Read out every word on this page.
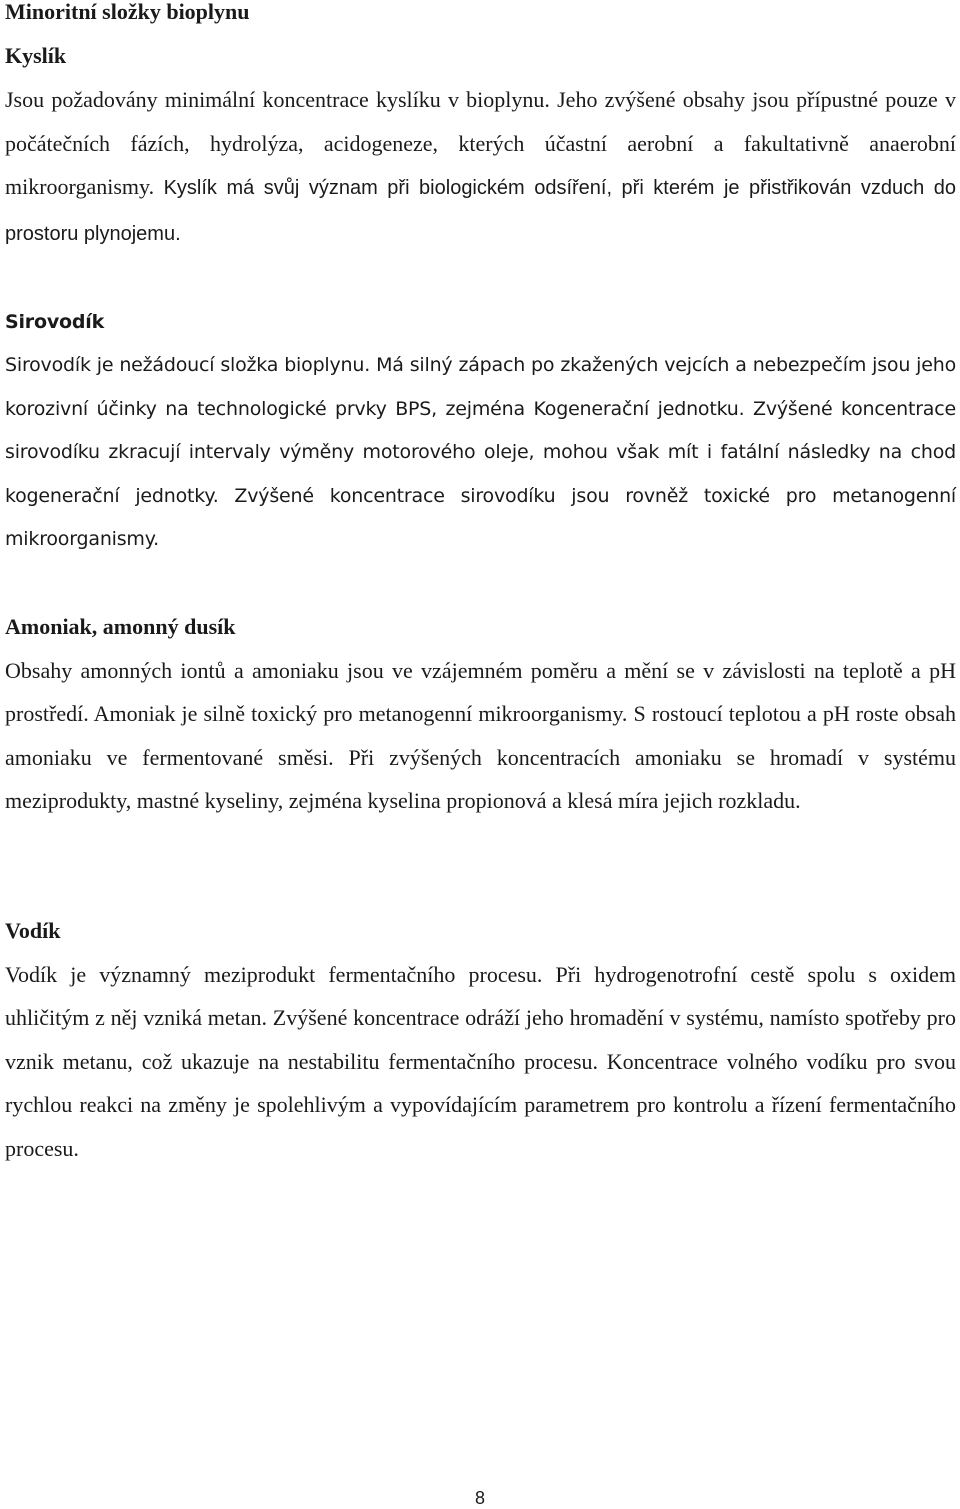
Minoritní složky bioplynu
Kyslík

Jsou požadovány minimální koncentrace kyslíku v bioplynu. Jeho zvýšené obsahy jsou přípustné pouze v počátečních fázích, hydrolýza, acidogeneze, kterých účastní aerobní a fakultativně anaerobní mikroorganismy. Kyslík má svůj význam při biologickém odsíření, při kterém je přistřikován vzduch do prostoru plynojemu.

Sirovodík

Sirovodík je nežádoucí složka bioplynu. Má silný zápach po zkažených vejcích a nebezpečím jsou jeho korozivní účinky na technologické prvky BPS, zejména Kogenerační jednotku. Zvýšené koncentrace sirovodíku zkracují intervaly výměny motorového oleje, mohou však mít i fatální následky na chod kogenerační jednotky. Zvýšené koncentrace sirovodíku jsou rovněž toxické pro metanogenní mikroorganismy.

Amoniak, amonný dusík

Obsahy amonných iontů a amoniaku jsou ve vzájemném poměru a mění se v závislosti na teplotě a pH prostředí. Amoniak je silně toxický pro metanogenní mikroorganismy. S rostoucí teplotou a pH roste obsah amoniaku ve fermentované směsi. Při zvýšených koncentracích amoniaku se hromadí v systému meziprodukty, mastné kyseliny, zejména kyselina propionová a klesá míra jejich rozkladu.

Vodík

Vodík je významný meziprodukt fermentačního procesu. Při hydrogenotrofní cestě spolu s oxidem uhličitým z něj vzniká metan. Zvýšené koncentrace odráží jeho hromadění v systému, namísto spotřeby pro vznik metanu, což ukazuje na nestabilitu fermentačního procesu. Koncentrace volného vodíku pro svou rychlou reakci na změny je spolehlivým a vypovídajícím parametrem pro kontrolu a řízení fermentačního procesu.

8
